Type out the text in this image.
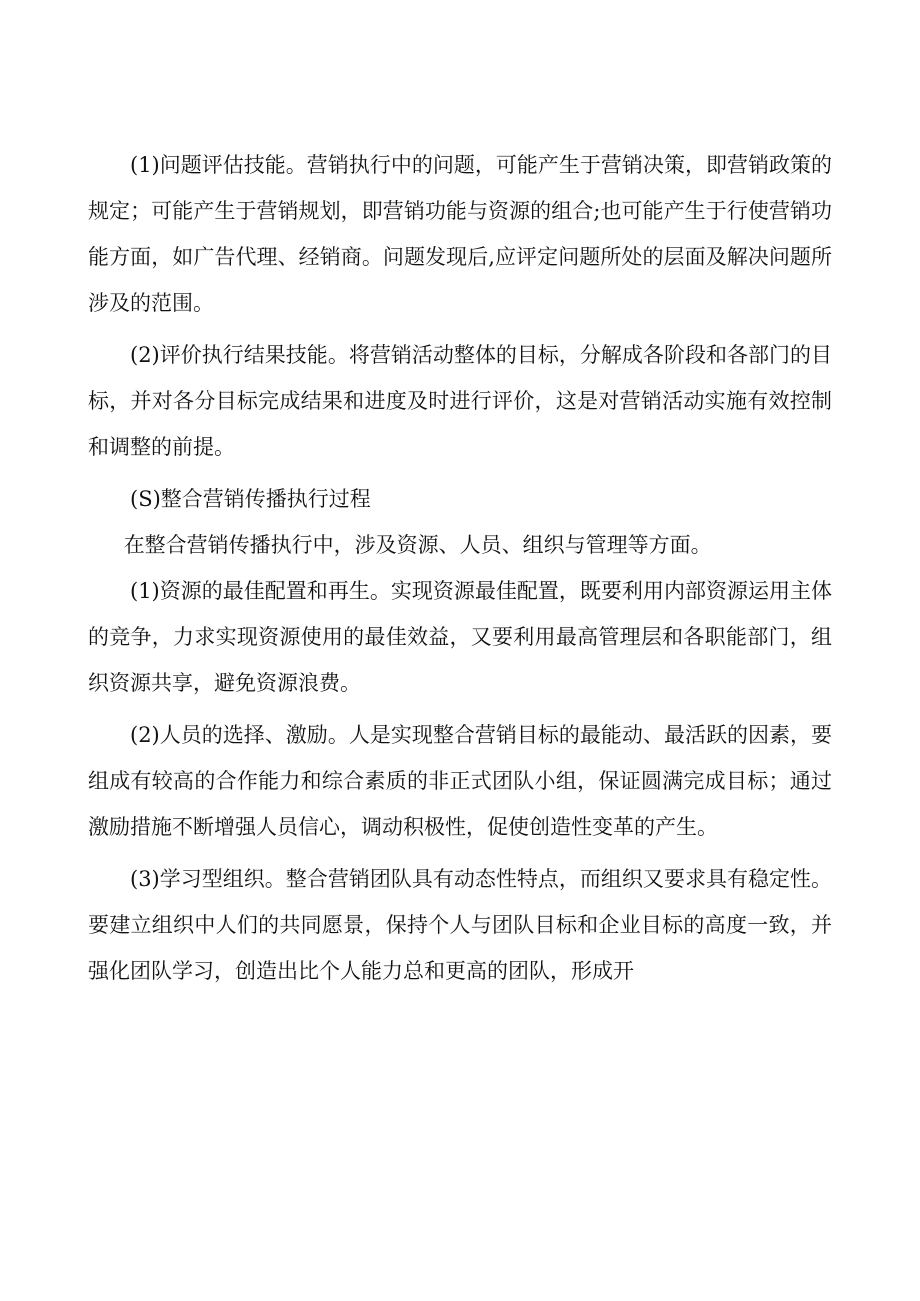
(1)问题评估技能。营销执行中的问题，可能产生于营销决策，即营销政策的规定；可能产生于营销规划，即营销功能与资源的组合;也可能产生于行使营销功能方面，如广告代理、经销商。问题发现后,应评定问题所处的层面及解决问题所涉及的范围。

(2)评价执行结果技能。将营销活动整体的目标，分解成各阶段和各部门的目标，并对各分目标完成结果和进度及时进行评价，这是对营销活动实施有效控制和调整的前提。

(S)整合营销传播执行过程

在整合营销传播执行中，涉及资源、人员、组织与管理等方面。

(1)资源的最佳配置和再生。实现资源最佳配置，既要利用内部资源运用主体的竞争，力求实现资源使用的最佳效益，又要利用最高管理层和各职能部门，组织资源共享，避免资源浪费。

(2)人员的选择、激励。人是实现整合营销目标的最能动、最活跃的因素，要组成有较高的合作能力和综合素质的非正式团队小组，保证圆满完成目标；通过激励措施不断增强人员信心，调动积极性，促使创造性变革的产生。

(3)学习型组织。整合营销团队具有动态性特点，而组织又要求具有稳定性。要建立组织中人们的共同愿景，保持个人与团队目标和企业目标的高度一致，并强化团队学习，创造出比个人能力总和更高的团队，形成开
